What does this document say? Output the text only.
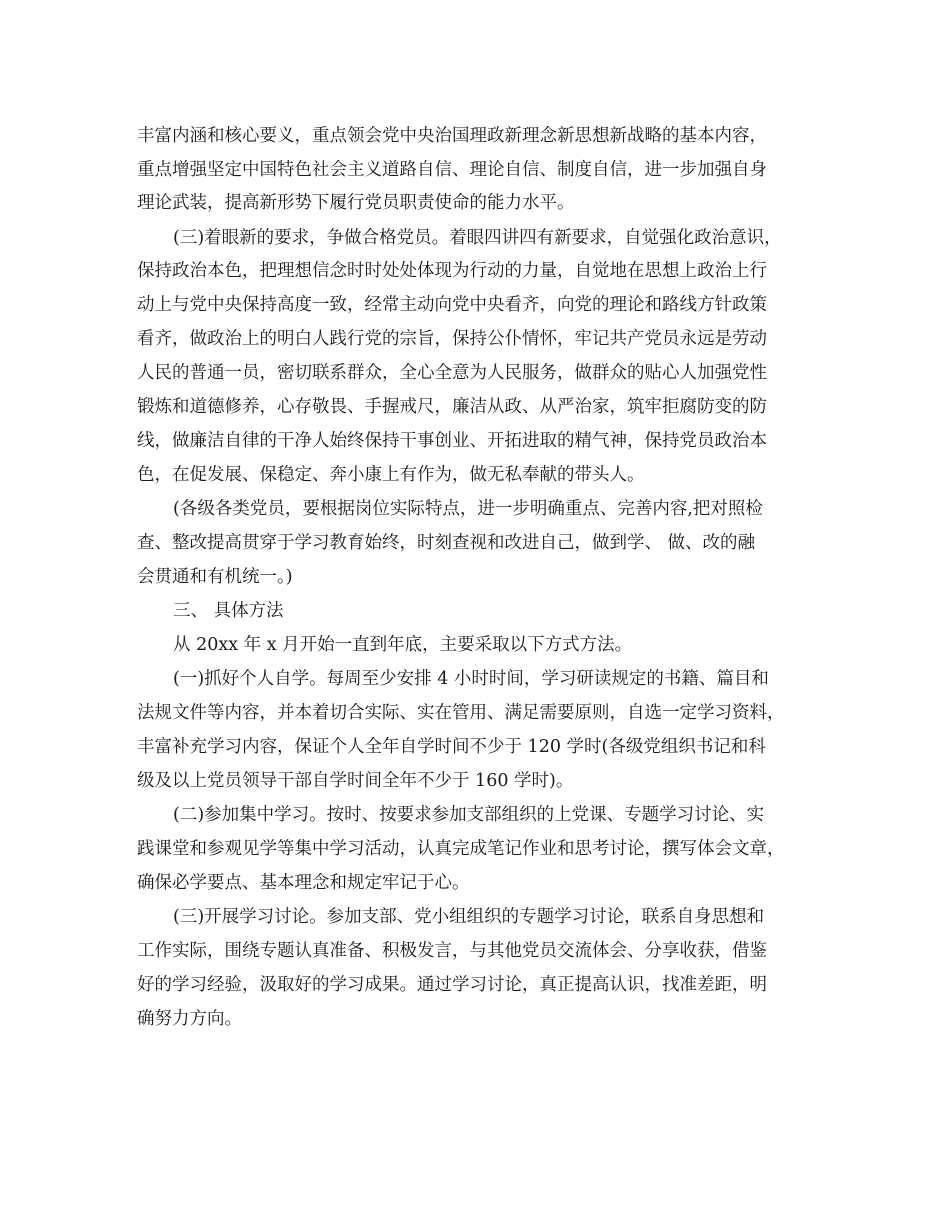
丰富内涵和核心要义，重点领会党中央治国理政新理念新思想新战略的基本内容，
重点增强坚定中国特色社会主义道路自信、理论自信、制度自信，进一步加强自身
理论武装，提高新形势下履行党员职责使命的能力水平。
(三)着眼新的要求，争做合格党员。着眼四讲四有新要求，自觉强化政治意识，
保持政治本色，把理想信念时时处处体现为行动的力量，自觉地在思想上政治上行
动上与党中央保持高度一致，经常主动向党中央看齐，向党的理论和路线方针政策
看齐，做政治上的明白人践行党的宗旨，保持公仆情怀，牢记共产党员永远是劳动
人民的普通一员，密切联系群众，全心全意为人民服务，做群众的贴心人加强党性
锻炼和道德修养，心存敬畏、手握戒尺，廉洁从政、从严治家，筑牢拒腐防变的防
线，做廉洁自律的干净人始终保持干事创业、开拓进取的精气神，保持党员政治本
色，在促发展、保稳定、奔小康上有作为，做无私奉献的带头人。
(各级各类党员，要根据岗位实际特点，进一步明确重点、完善内容,把对照检
查、整改提高贯穿于学习教育始终，时刻查视和改进自己，做到学、 做、改的融
会贯通和有机统一。)
三、 具体方法
从 20xx 年 x 月开始一直到年底，主要采取以下方式方法。
(一)抓好个人自学。每周至少安排 4 小时时间，学习研读规定的书籍、篇目和
法规文件等内容，并本着切合实际、实在管用、满足需要原则，自选一定学习资料，
丰富补充学习内容，保证个人全年自学时间不少于 120 学时(各级党组织书记和科
级及以上党员领导干部自学时间全年不少于 160 学时)。
(二)参加集中学习。按时、按要求参加支部组织的上党课、专题学习讨论、实
践课堂和参观见学等集中学习活动，认真完成笔记作业和思考讨论，撰写体会文章，
确保必学要点、基本理念和规定牢记于心。
(三)开展学习讨论。参加支部、党小组组织的专题学习讨论，联系自身思想和
工作实际，围绕专题认真准备、积极发言，与其他党员交流体会、分享收获，借鉴
好的学习经验，汲取好的学习成果。通过学习讨论，真正提高认识，找准差距，明
确努力方向。
